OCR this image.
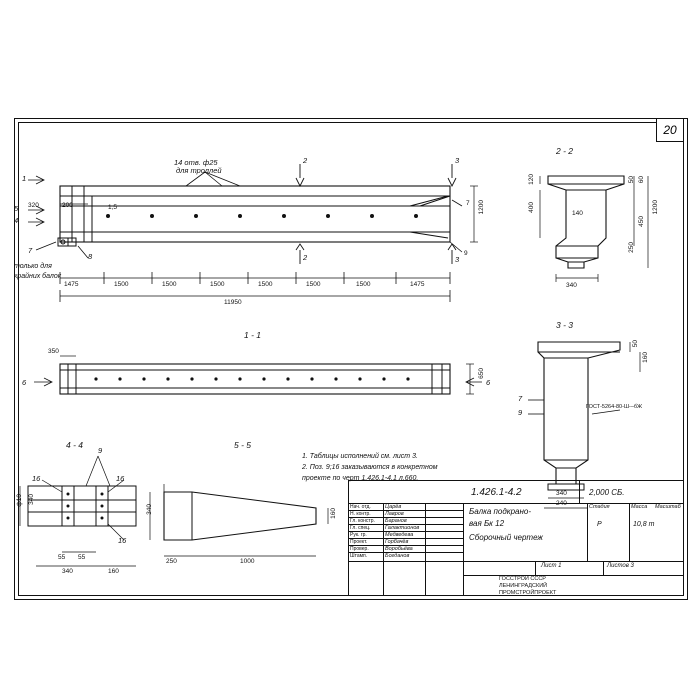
20
14 отв. ф25
для троллей
2
2
3
3
1
5
4
7
8
только для крайних балок
320	200	1,5
7 1200
9
1475	1500	1500	1500	1500	1500	1500	1475
11950
1 - 1
350
650
6	6
2 - 2
120
400
140
50 60
250
450
1200
340
3 - 3
50
160
7
9
ГОСТ-5264-80-Ш-–бЖ
340
4 - 4
9
16	16
16
340
ф10
55 55
340	160
5 - 5
340	160
250	1000
1. Таблицы исполнений см. лист 3.
2. Поз. 9;16 заказываются в конкретном
проекте по черт 1.426.1-4.1 л.660.
1.426.1-4.2	2,000 СБ.
Нач. отд.	Царёв
Н. контр.	Лавров
Гл. констр. Баранов
Гл. спец.	Галактионов
Рук. гр.	Медведева
Проект.	Горбачёв
Провер.	Воробьёва
Штамп.	Богданов
Балка подкрано-
вая Бк 12
Сборочный чертеж
Стадия	Масса Масштаб
Р	10,8 т
Лист 1	Листов 3
ГОССТРОЙ СССР
ЛЕНИНГРАДСКИЙ
ПРОМСТРОЙПРОЕКТ
